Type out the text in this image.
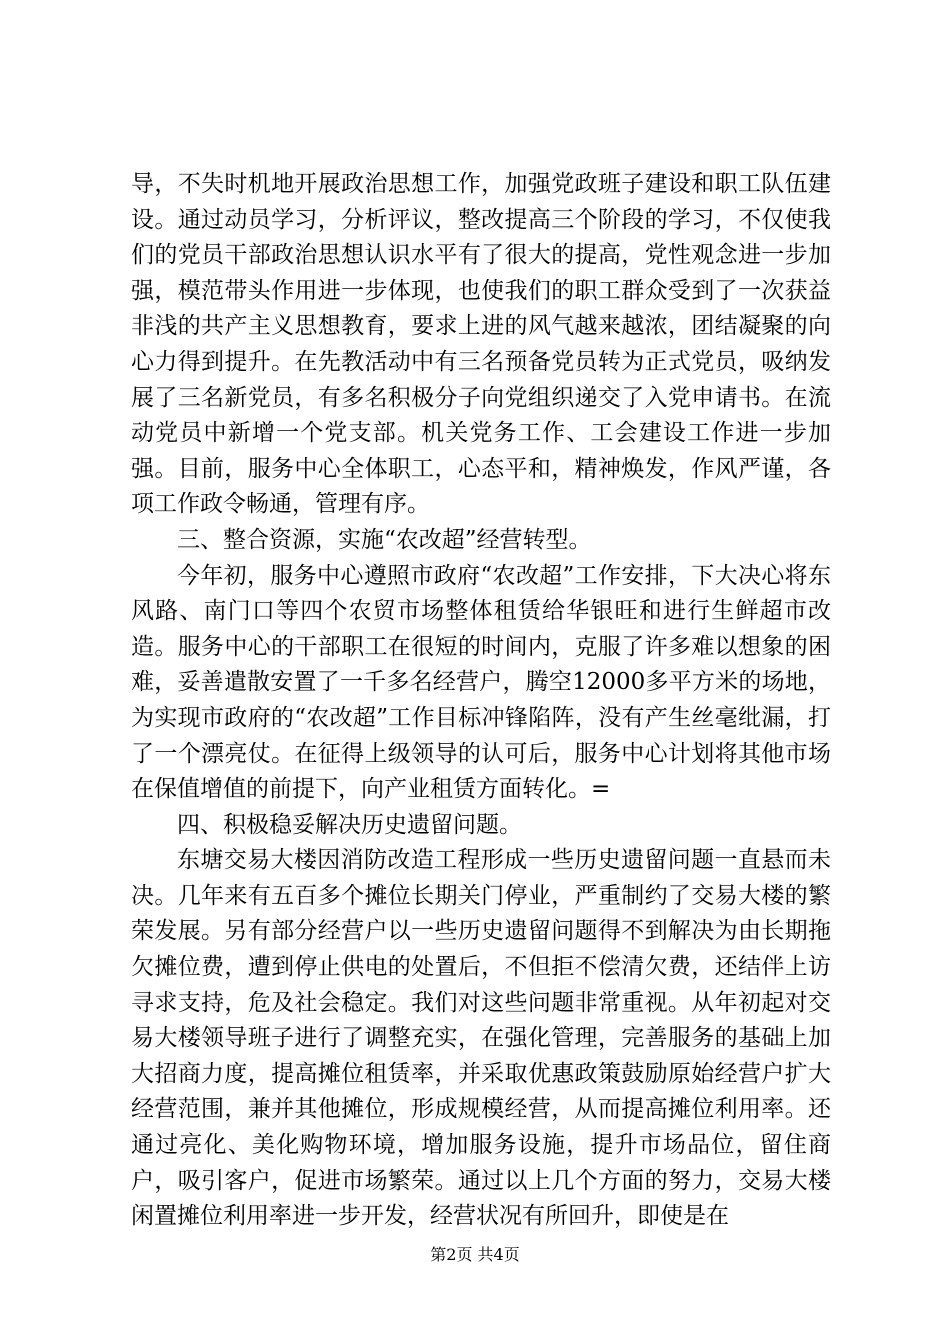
导，不失时机地开展政治思想工作，加强党政班子建设和职工队伍建设。通过动员学习，分析评议，整改提高三个阶段的学习，不仅使我们的党员干部政治思想认识水平有了很大的提高，党性观念进一步加强，模范带头作用进一步体现，也使我们的职工群众受到了一次获益非浅的共产主义思想教育，要求上进的风气越来越浓，团结凝聚的向心力得到提升。在先教活动中有三名预备党员转为正式党员，吸纳发展了三名新党员，有多名积极分子向党组织递交了入党申请书。在流动党员中新增一个党支部。机关党务工作、工会建设工作进一步加强。目前，服务中心全体职工，心态平和，精神焕发，作风严谨，各项工作政令畅通，管理有序。

三、整合资源，实施“农改超”经营转型。

今年初，服务中心遵照市政府“农改超”工作安排，下大决心将东风路、南门口等四个农贸市场整体租赁给华银旺和进行生鲜超市改造。服务中心的干部职工在很短的时间内，克服了许多难以想象的困难，妥善遣散安置了一千多名经营户，腾空12000多平方米的场地，为实现市政府的“农改超”工作目标冲锋陷阵，没有产生丝毫纰漏，打了一个漂亮仗。在征得上级领导的认可后，服务中心计划将其他市场在保值增值的前提下，向产业租赁方面转化。=

四、积极稳妥解决历史遗留问题。

东塘交易大楼因消防改造工程形成一些历史遗留问题一直悬而未决。几年来有五百多个摊位长期关门停业，严重制约了交易大楼的繁荣发展。另有部分经营户以一些历史遗留问题得不到解决为由长期拖欠摊位费，遭到停止供电的处置后，不但拒不偿清欠费，还结伴上访寻求支持，危及社会稳定。我们对这些问题非常重视。从年初起对交易大楼领导班子进行了调整充实，在强化管理，完善服务的基础上加大招商力度，提高摊位租赁率，并采取优惠政策鼓励原始经营户扩大经营范围，兼并其他摊位，形成规模经营，从而提高摊位利用率。还通过亮化、美化购物环境，增加服务设施，提升市场品位，留住商户，吸引客户，促进市场繁荣。通过以上几个方面的努力，交易大楼闲置摊位利用率进一步开发，经营状况有所回升，即使是在

第2页 共4页
